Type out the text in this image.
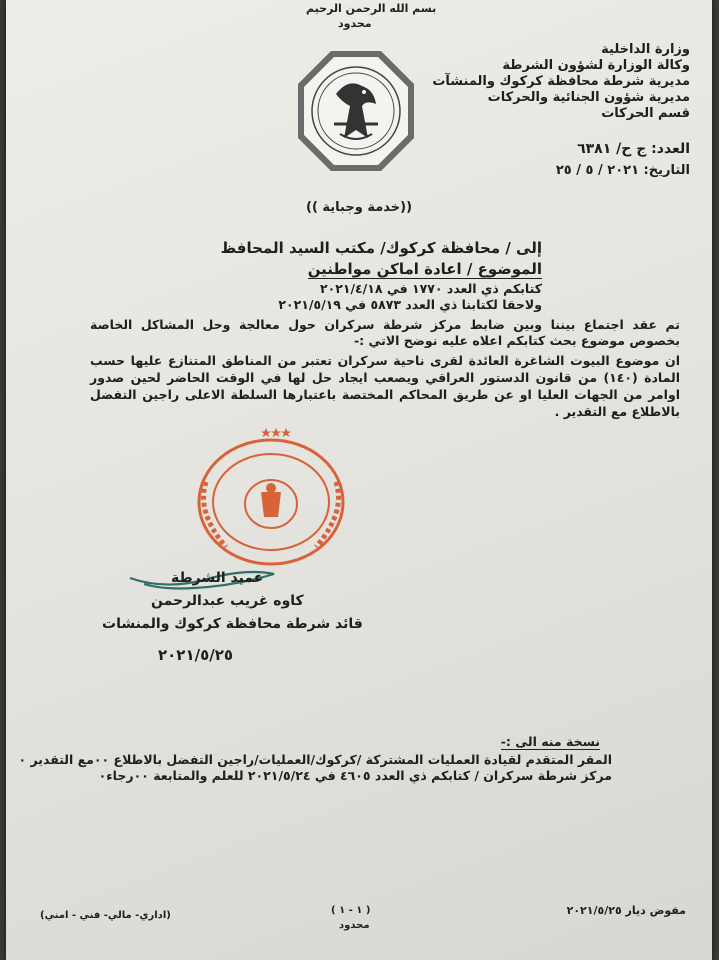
بسم الله الرحمن الرحيم
محدود
وزارة الداخلية
وكالة الوزارة لشؤون الشرطة
مديرية شرطة محافظة كركوك والمنشآت
مديرية شؤون الجنائية والحركات
قسم الحركات
العدد: ج ح/ ٦٣٨١
التاريخ: ٢٠٢١ / ٥ / ٢٥
((خدمة وجباية ))
إلى / محافظة كركوك/ مكتب السيد المحافظ
الموضوع / اعادة اماكن مواطنين
كتابكم ذي العدد ١٧٧٠ في ٢٠٢١/٤/١٨
ولاحقا لكتابنا ذي العدد ٥٨٧٣ في ٢٠٢١/٥/١٩
تم عقد اجتماع بيننا وبين ضابط مركز شرطة سركران حول معالجة وحل المشاكل الخاصة بخصوص موضوع بحث كتابكم اعلاه عليه نوضح الاتي :-
ان موضوع البيوت الشاغرة العائدة لقرى ناحية سركران تعتبر من المناطق المتنازع عليها حسب المادة (١٤٠) من قانون الدستور العراقي ويصعب ايجاد حل لها في الوقت الحاضر لحين صدور اوامر من الجهات العليا او عن طريق المحاكم المختصة باعتبارها السلطة الاعلى راجين التفضل بالاطلاع مع التقدير .
عميد الشرطة
كاوه غريب عبدالرحمن
قائد شرطة محافظة كركوك والمنشات
٢٠٢١/٥/٢٥
نسخة منه الى :-
المقر المتقدم لقيادة العمليات المشتركة /كركوك/العمليات/راجين التفضل بالاطلاع ٠٠مع التقدير ٠
مركز شرطة سركران / كتابكم ذي العدد ٤٦٠٥ في ٢٠٢١/٥/٢٤ للعلم والمتابعة ٠٠رجاء٠
(اداري- مالي- فني - امني)	( ١ - ١ )
محدود
مفوض ديار ٢٠٢١/٥/٢٥
